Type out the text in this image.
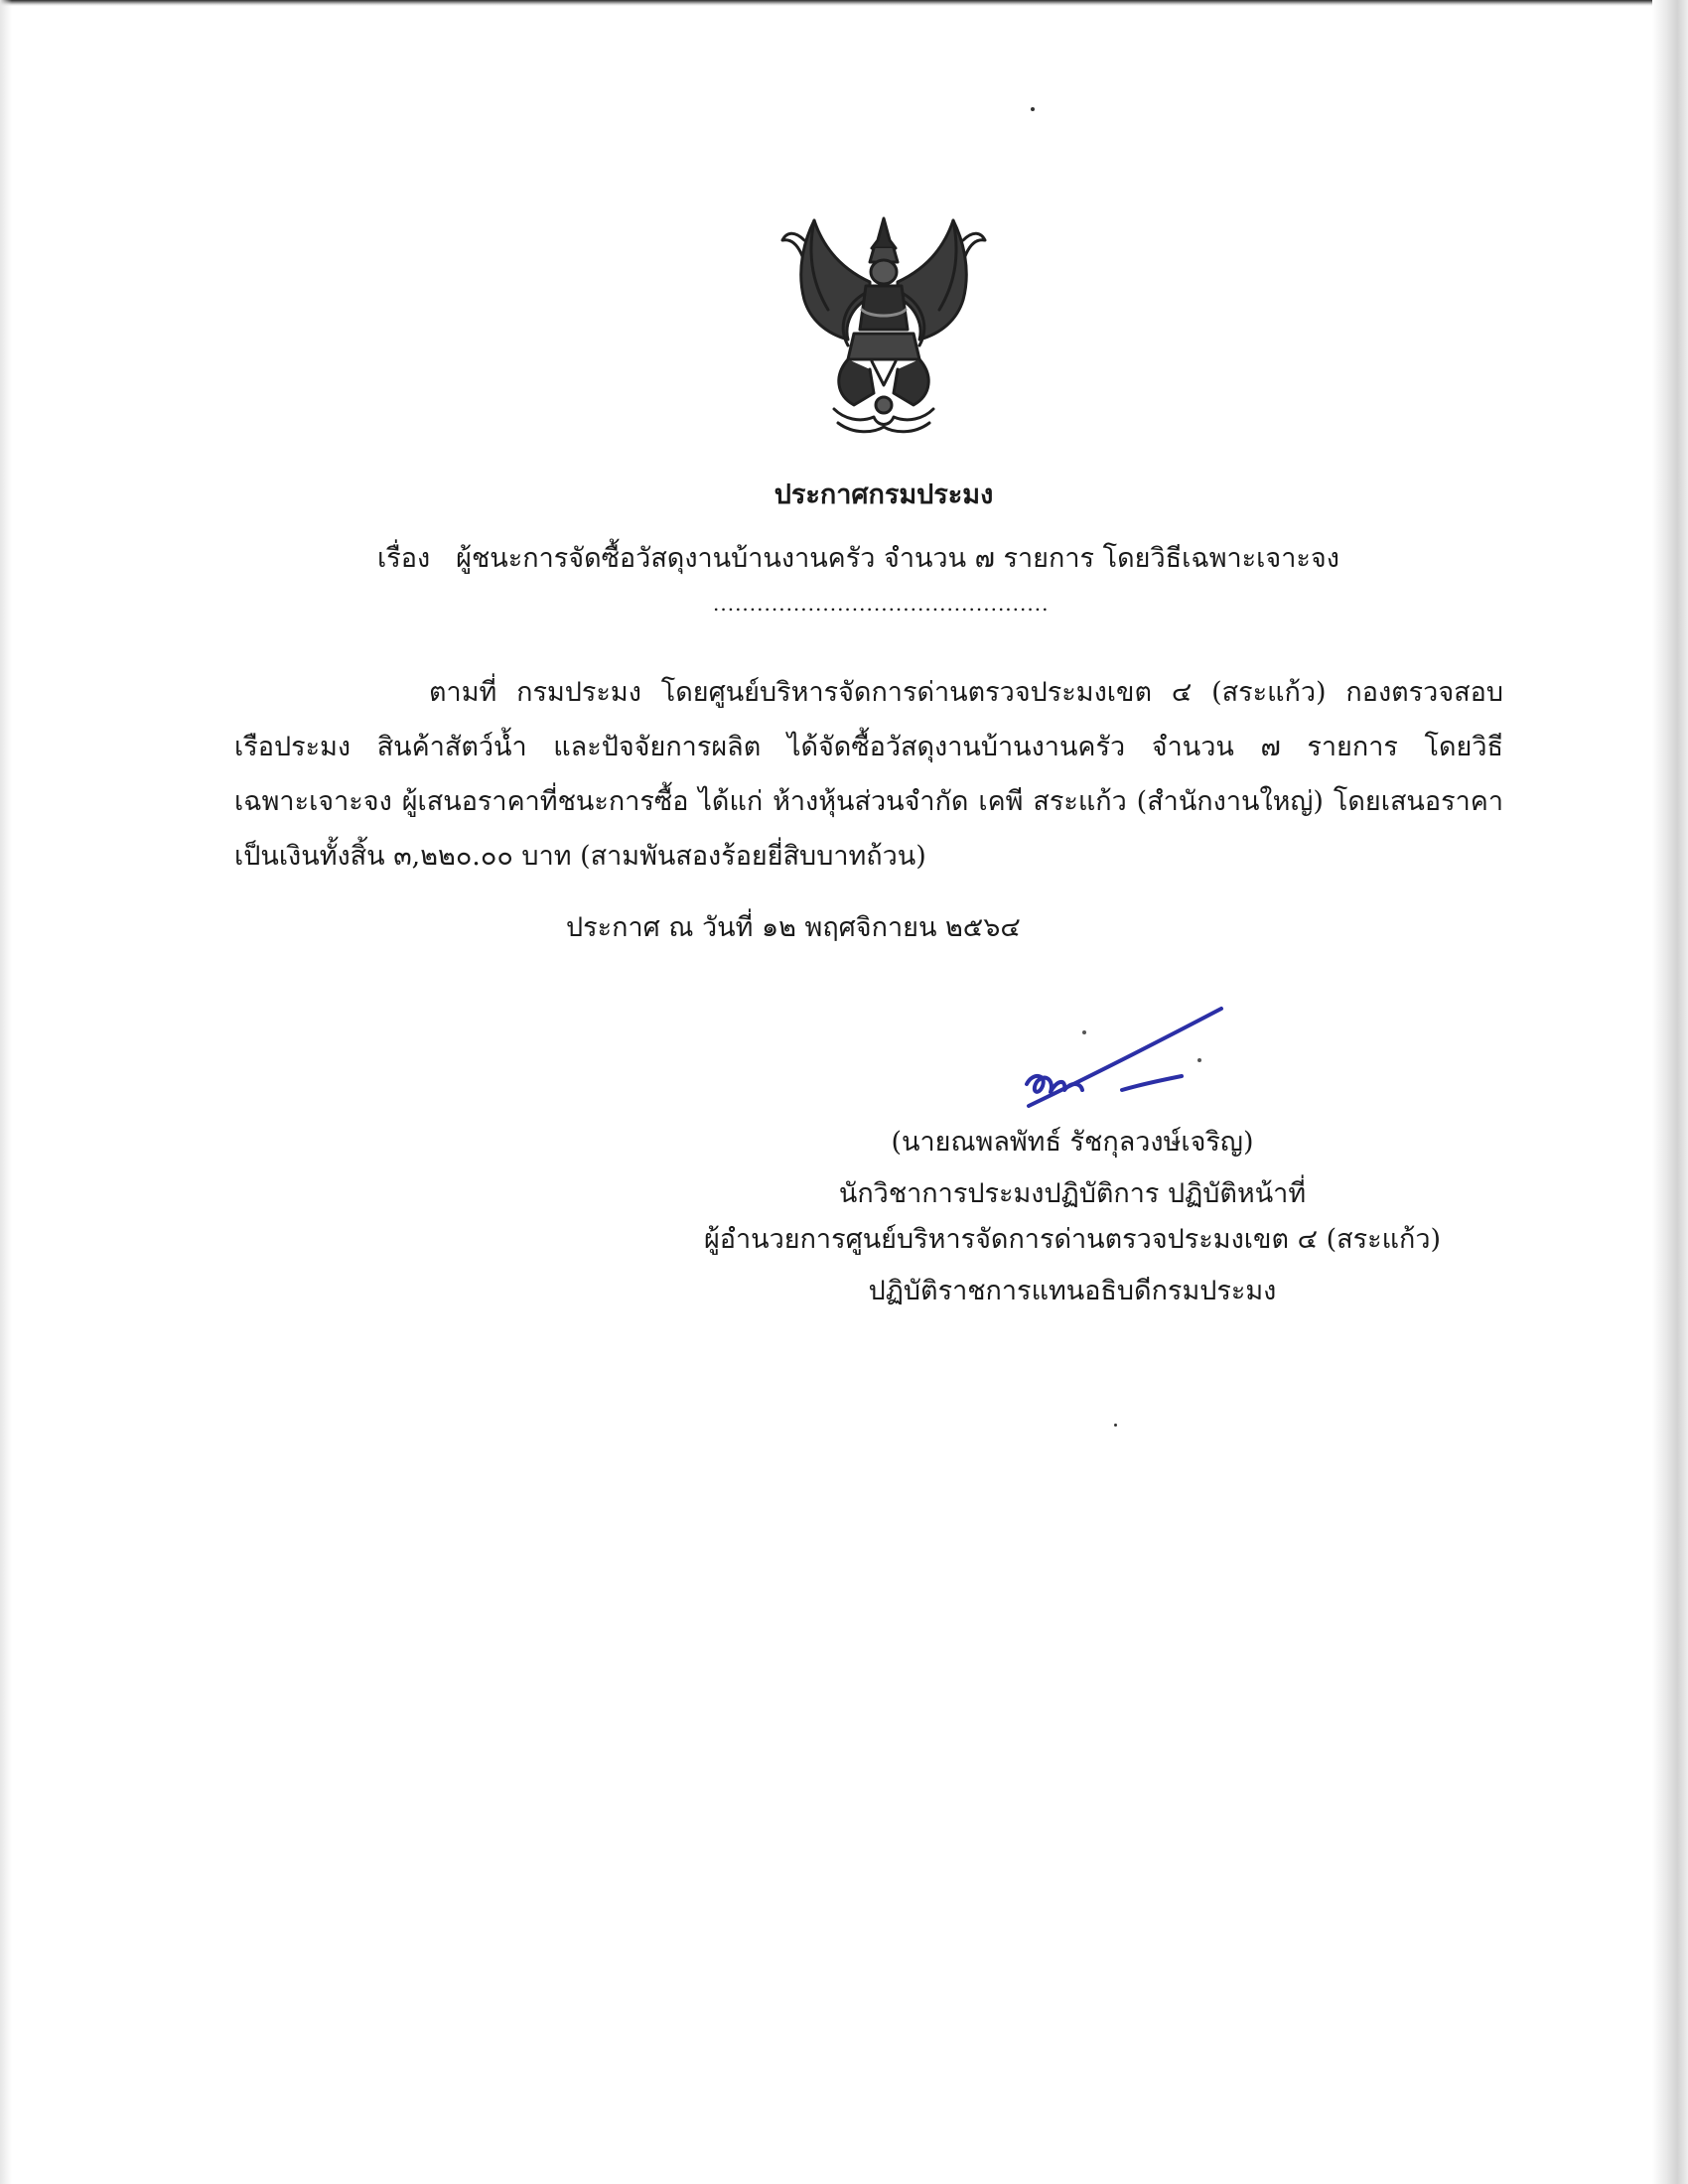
ประกาศกรมประมง
เรื่อง ผู้ชนะการจัดซื้อวัสดุงานบ้านงานครัว จำนวน ๗ รายการ โดยวิธีเฉพาะเจาะจง
..............................................
ตามที่ กรมประมง โดยศูนย์บริหารจัดการด่านตรวจประมงเขต ๔ (สระแก้ว) กองตรวจสอบ
เรือประมง สินค้าสัตว์น้ำ และปัจจัยการผลิต ได้จัดซื้อวัสดุงานบ้านงานครัว จำนวน ๗ รายการ โดยวิธี
เฉพาะเจาะจง ผู้เสนอราคาที่ชนะการซื้อ ได้แก่ ห้างหุ้นส่วนจำกัด เคพี สระแก้ว (สำนักงานใหญ่) โดยเสนอราคา
เป็นเงินทั้งสิ้น ๓,๒๒๐.๐๐ บาท (สามพันสองร้อยยี่สิบบาทถ้วน)
ประกาศ ณ วันที่ ๑๒ พฤศจิกายน ๒๕๖๔
(นายณพลพัทธ์ รัชกุลวงษ์เจริญ)
นักวิชาการประมงปฏิบัติการ ปฏิบัติหน้าที่
ผู้อำนวยการศูนย์บริหารจัดการด่านตรวจประมงเขต ๔ (สระแก้ว)
ปฏิบัติราชการแทนอธิบดีกรมประมง
